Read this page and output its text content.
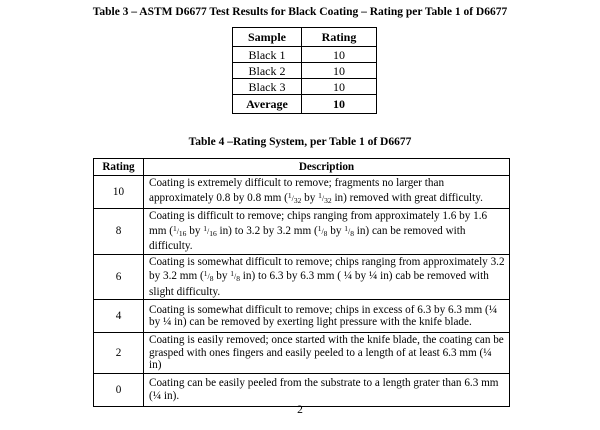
Table 3 – ASTM D6677 Test Results for Black Coating – Rating per Table 1 of D6677
Sample	Rating
Black 1	10
Black 2	10
Black 3	10
Average	10
Table 4 –Rating System, per Table 1 of D6677
Rating	Description
10	Coating is extremely difficult to remove; fragments no larger than approximately 0.8 by 0.8 mm ($^1/_{32}$ by $^1/_{32}$ in) removed with great difficulty.
8	Coating is difficult to remove; chips ranging from approximately 1.6 by 1.6 mm ($^1/_{16}$ by $^1/_{16}$ in) to 3.2 by 3.2 mm ($^1/_8$ by $^1/_8$ in) can be removed with difficulty.
6	Coating is somewhat difficult to remove; chips ranging from approximately 3.2 by 3.2 mm ($^1/_8$ by $^1/_8$ in) to 6.3 by 6.3 mm ( ¼ by ¼ in) cab be removed with slight difficulty.
4	Coating is somewhat difficult to remove; chips in excess of 6.3 by 6.3 mm (¼ by ¼ in) can be removed by exerting light pressure with the knife blade.
2	Coating is easily removed; once started with the knife blade, the coating can be grasped with ones fingers and easily peeled to a length of at least 6.3 mm (¼ in)
0	Coating can be easily peeled from the substrate to a length grater than 6.3 mm (¼ in).
2
